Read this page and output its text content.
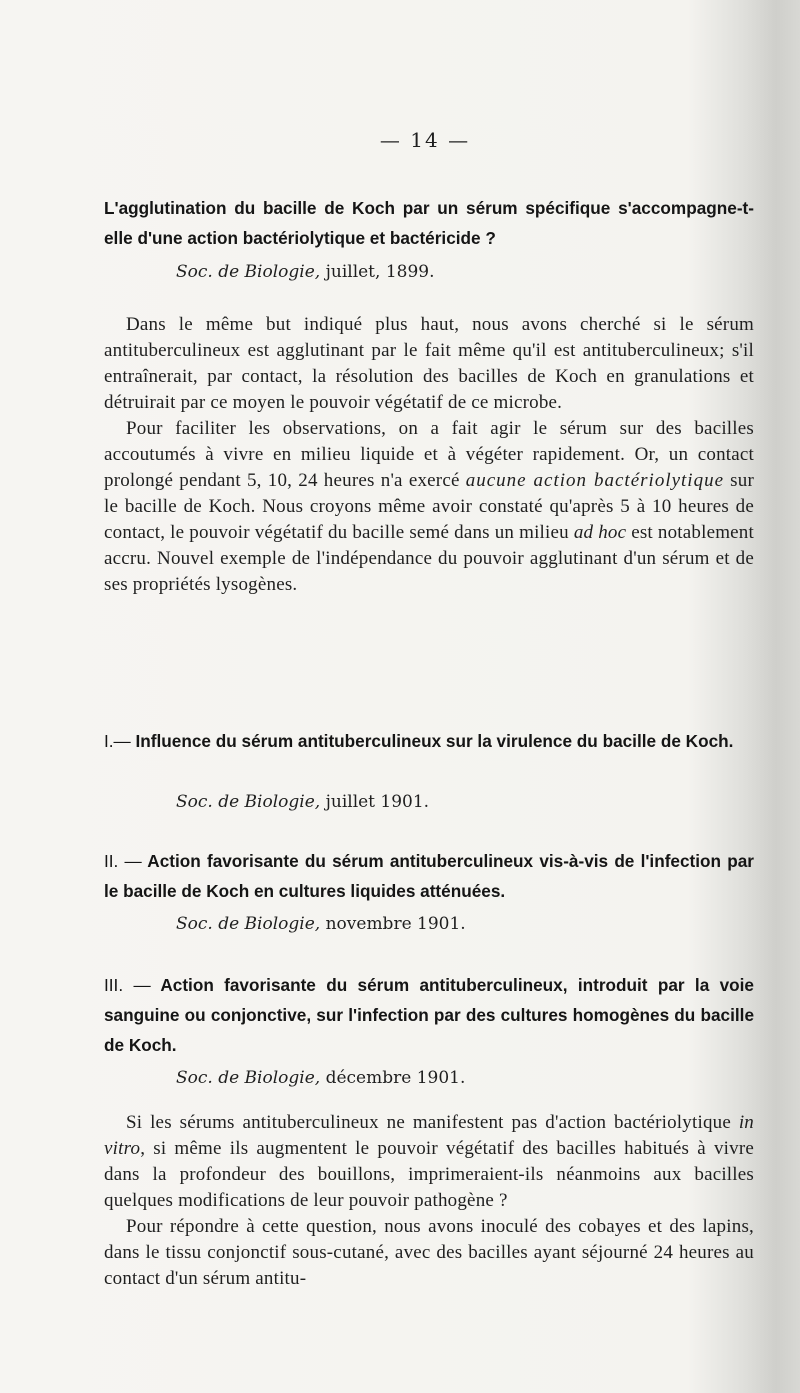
— 14 —
L'agglutination du bacille de Koch par un sérum spécifique s'accompagne-t-elle d'une action bactériolytique et bactéricide ?
Soc. de Biologie, juillet, 1899.

Dans le même but indiqué plus haut, nous avons cherché si le sérum antituberculineux est agglutinant par le fait même qu'il est antituberculineux; s'il entraînerait, par contact, la résolution des bacilles de Koch en granulations et détruirait par ce moyen le pouvoir végétatif de ce microbe.

Pour faciliter les observations, on a fait agir le sérum sur des bacilles accoutumés à vivre en milieu liquide et à végéter rapidement. Or, un contact prolongé pendant 5, 10, 24 heures n'a exercé aucune action bactériolytique sur le bacille de Koch. Nous croyons même avoir constaté qu'après 5 à 10 heures de contact, le pouvoir végétatif du bacille semé dans un milieu ad hoc est notablement accru. Nouvel exemple de l'indépendance du pouvoir agglutinant d'un sérum et de ses propriétés lysogènes.

I.— Influence du sérum antituberculineux sur la virulence du bacille de Koch.
Soc. de Biologie, juillet 1901.
II. — Action favorisante du sérum antituberculineux vis-à-vis de l'infection par le bacille de Koch en cultures liquides atténuées.
Soc. de Biologie, novembre 1901.
III. — Action favorisante du sérum antituberculineux, introduit par la voie sanguine ou conjonctive, sur l'infection par des cultures homogènes du bacille de Koch.
Soc. de Biologie, décembre 1901.

Si les sérums antituberculineux ne manifestent pas d'action bactériolytique in vitro, si même ils augmentent le pouvoir végétatif des bacilles habitués à vivre dans la profondeur des bouillons, imprimeraient-ils néanmoins aux bacilles quelques modifications de leur pouvoir pathogène ?

Pour répondre à cette question, nous avons inoculé des cobayes et des lapins, dans le tissu conjonctif sous-cutané, avec des bacilles ayant séjourné 24 heures au contact d'un sérum antitu-
